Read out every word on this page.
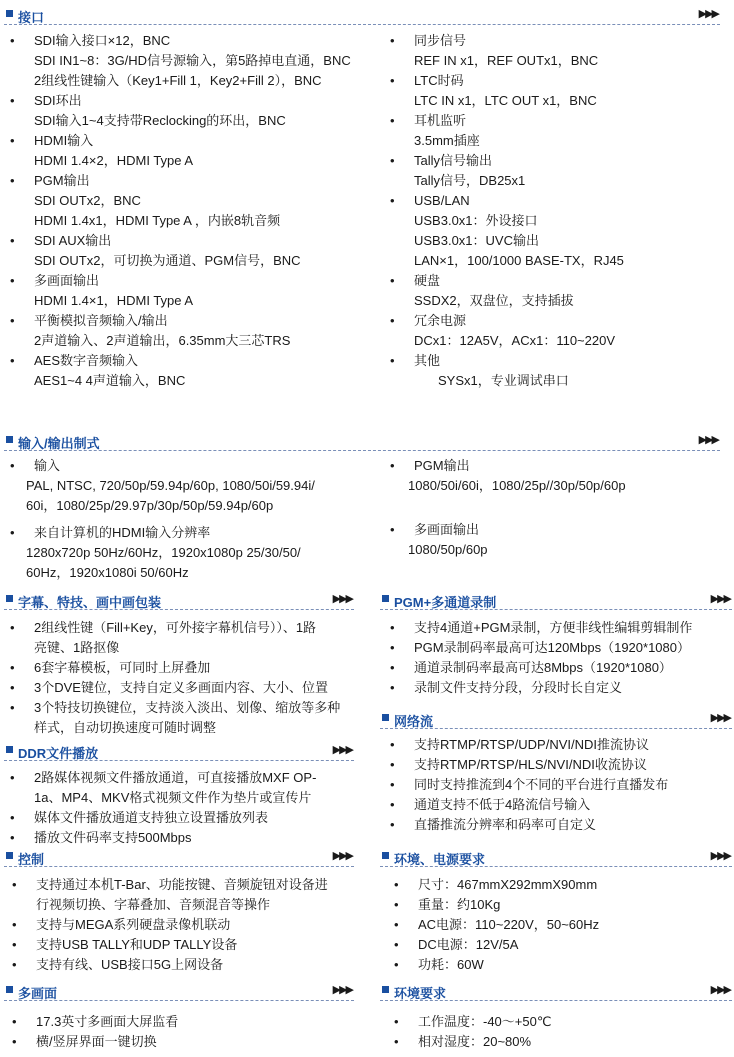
接口	▶▶▶
输入/输出制式	▶▶▶
字幕、特技、画中画包装	▶▶▶	PGM+多通道录制	▶▶▶
网络流	▶▶▶
DDR文件播放	▶▶▶
控制	▶▶▶	环境、电源要求	▶▶▶
多画面	▶▶▶	环境要求	▶▶▶
• SDI输入接口×12，BNC
SDI IN1~8：3G/HD信号源输入，第5路掉电直通，BNC
2组线性键输入（Key1+Fill 1，Key2+Fill 2），BNC
• SDI环出
SDI输入1~4支持带Reclocking的环出，BNC
• HDMI输入
HDMI 1.4×2，HDMI Type A
• PGM输出
SDI OUTx2，BNC
HDMI 1.4x1，HDMI Type A ，内嵌8轨音频
• SDI AUX输出
SDI OUTx2，可切换为通道、PGM信号，BNC
• 多画面输出
HDMI 1.4×1，HDMI Type A
• 平衡模拟音频输入/输出
2声道输入、2声道输出，6.35mm大三芯TRS
• AES数字音频输入
AES1~4 4声道输入，BNC
• 同步信号
REF IN x1，REF OUTx1，BNC
• LTC时码
LTC IN x1，LTC OUT x1，BNC
• 耳机监听
3.5mm插座
• Tally信号输出
Tally信号，DB25x1
• USB/LAN
USB3.0x1：外设接口
USB3.0x1：UVC输出
LAN×1，100/1000 BASE-TX，RJ45
• 硬盘
SSDX2，双盘位，支持插拔
• 冗余电源
DCx1：12A5V，ACx1：110~220V
• 其他
SYSx1，专业调试串口
• 输入
PAL, NTSC, 720/50p/59.94p/60p, 1080/50i/59.94i/
60i，1080/25p/29.97p/30p/50p/59.94p/60p
• 来自计算机的HDMI输入分辨率
1280x720p 50Hz/60Hz，1920x1080p 25/30/50/
60Hz，1920x1080i 50/60Hz
• PGM输出
1080/50i/60i，1080/25p//30p/50p/60p
• 多画面输出
1080/50p/60p
• 2组线性键（Fill+Key，可外接字幕机信号））、1路
亮键、1路抠像
• 6套字幕模板，可同时上屏叠加
• 3个DVE键位，支持自定义多画面内容、大小、位置
• 3个特技切换键位，支持淡入淡出、划像、缩放等多种
样式，自动切换速度可随时调整
• 支持4通道+PGM录制，方便非线性编辑剪辑制作
• PGM录制码率最高可达120Mbps（1920*1080）
• 通道录制码率最高可达8Mbps（1920*1080）
• 录制文件支持分段，分段时长自定义
• 支持RTMP/RTSP/UDP/NVI/NDI推流协议
• 支持RTMP/RTSP/HLS/NVI/NDI收流协议
• 同时支持推流到4个不同的平台进行直播发布
• 通道支持不低于4路流信号输入
• 直播推流分辨率和码率可自定义
• 2路媒体视频文件播放通道，可直接播放MXF OP-
1a、MP4、MKV格式视频文件作为垫片或宣传片
• 媒体文件播放通道支持独立设置播放列表
• 播放文件码率支持500Mbps
• 支持通过本机T-Bar、功能按键、音频旋钮对设备进
行视频切换、字幕叠加、音频混音等操作
• 支持与MEGA系列硬盘录像机联动
• 支持USB TALLY和UDP TALLY设备
• 支持有线、USB接口5G上网设备
• 尺寸：467mmX292mmX90mm
• 重量：约10Kg
• AC电源：110~220V，50~60Hz
• DC电源：12V/5A
• 功耗：60W
• 17.3英寸多画面大屏监看
• 横/竖屏界面一键切换
• 工作温度：-40～+50℃
• 相对湿度：20~80%
